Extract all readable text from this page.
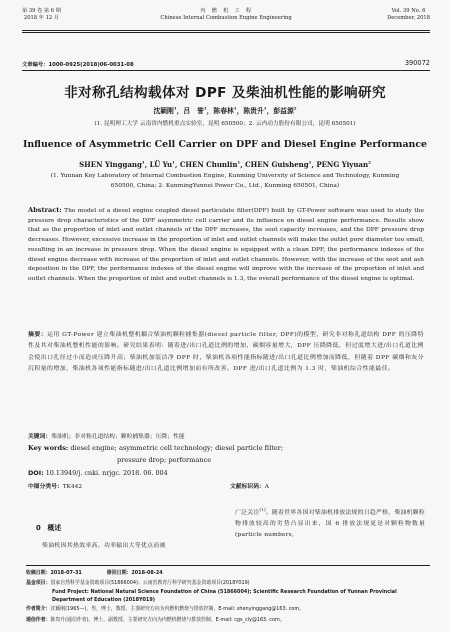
第 39 卷 第 6 期
2018 年 12 月
内　燃　机　工　程
Chinese Internal Combustion Engine Engineering
Vol. 39 No. 6
December, 2018
文章编号：1000-0925(2018)06-0031-08	390072
非对称孔结构载体对 DPF 及柴油机性能的影响研究
沈颖刚$^1$，吕　誉$^1$，陈春林$^1$，陈贵升$^1$，彭益源$^2$
(1. 昆明理工大学 云南省内燃机重点实验室，昆明 650500；2. 云内动力股份有限公司，昆明 650501)
Influence of Asymmetric Cell Carrier on DPF and Diesel Engine Performance
SHEN Yinggang$^1$, LÜ Yu$^1$, CHEN Chunlin$^1$, CHEN Guisheng$^1$, PENG Yiyuan$^2$
(1. Yunnan Key Laboratory of Internal Combustion Engine, Kunming University of Science and Technology, Kunming 650500, China; 2. KunmingYunnei Power Co., Ltd., Kunming 650501, China)
Abstract: The model of a diesel engine coupled diesel particulate filter(DPF) built by GT-Power software was used to study the pressure drop characteristics of the DPF asymmetric cell carrier and its influence on diesel engine performance. Results show that as the proportion of inlet and outlet channels of the DPF increases, the soot capacity increases, and the DPF pressure drop decreases. However, excessive increase in the proportion of inlet and outlet channels will make the outlet pore diameter too small, resulting in an increase in pressure drop. When the diesel engine is equipped with a clean DPF, the performance indexes of the diesel engine decrease with increase of the proportion of inlet and outlet channels. However, with the increase of the soot and ash deposition in the DPF, the performance indexes of the diesel engine will improve with the increase of the proportion of inlet and outlet channels. When the proportion of inlet and outlet channels is 1.3, the overall performance of the diesel engine is optimal.
摘要：运用 GT-Power 建立柴油机整机耦合柴油机颗粒捕集器(diesel particle filter, DPF)的模型，研究非对称孔道结构 DPF 的压降特性及其对柴油机整机性能的影响。研究结果表明：随着进/出口孔道比例的增加，碳烟容量增大，DPF 压降降低，但过度增大进/出口孔道比例会使出口孔径过小而造成压降升高；柴油机加装洁净 DPF 时，柴油机各项性能指标随进/出口孔道比例增加而降低，但随着 DPF 碳烟和灰分沉积量的增加，柴油机各项性能指标随进/出口孔道比例增加而有所改善。DPF 进/出口孔道比例为 1.3 时，柴油机综合性能最佳。
关键词：柴油机；非对称孔道结构；颗粒捕集器；压降；性能
Key words: diesel engine; asymmetric cell technology; diesel particle filter;
pressure drop; performance
DOI: 10.13949/j. cnki. nrjgc. 2018. 06. 004
中图分类号：TK442	文献标识码：A
0　概述
柴油机因其热效率高、功率输出大等优点而被
广泛关注[1]。随着世界各国对柴油机排放法规的日趋严格，柴油机颗粒物排放较高的劣势凸显出来，国 6 排放法规更是对颗粒物数量(particle numbers,
收稿日期：2018-07-31	修回日期：2018-08-24
基金项目：国家自然科学基金资助项目(51866004)；云南省教育厅科学研究基金资助项目(2018Y019)
Fund Project: National Natural Science Foundation of China (51866004); Scientific Research Foundation of Yunnan Provincial Department of Education (2018Y019)
作者简介：沈颖刚(1965—)，男，博士，教授，主要研究方向为内燃机燃烧与排放控制，E-mail: shenyinggang@163. com。
通信作者：陈贵升(通信作者)，博士，副教授，主要研究方向为内燃机燃烧与排放控制，E-mail: cgs_cly@163. com。
